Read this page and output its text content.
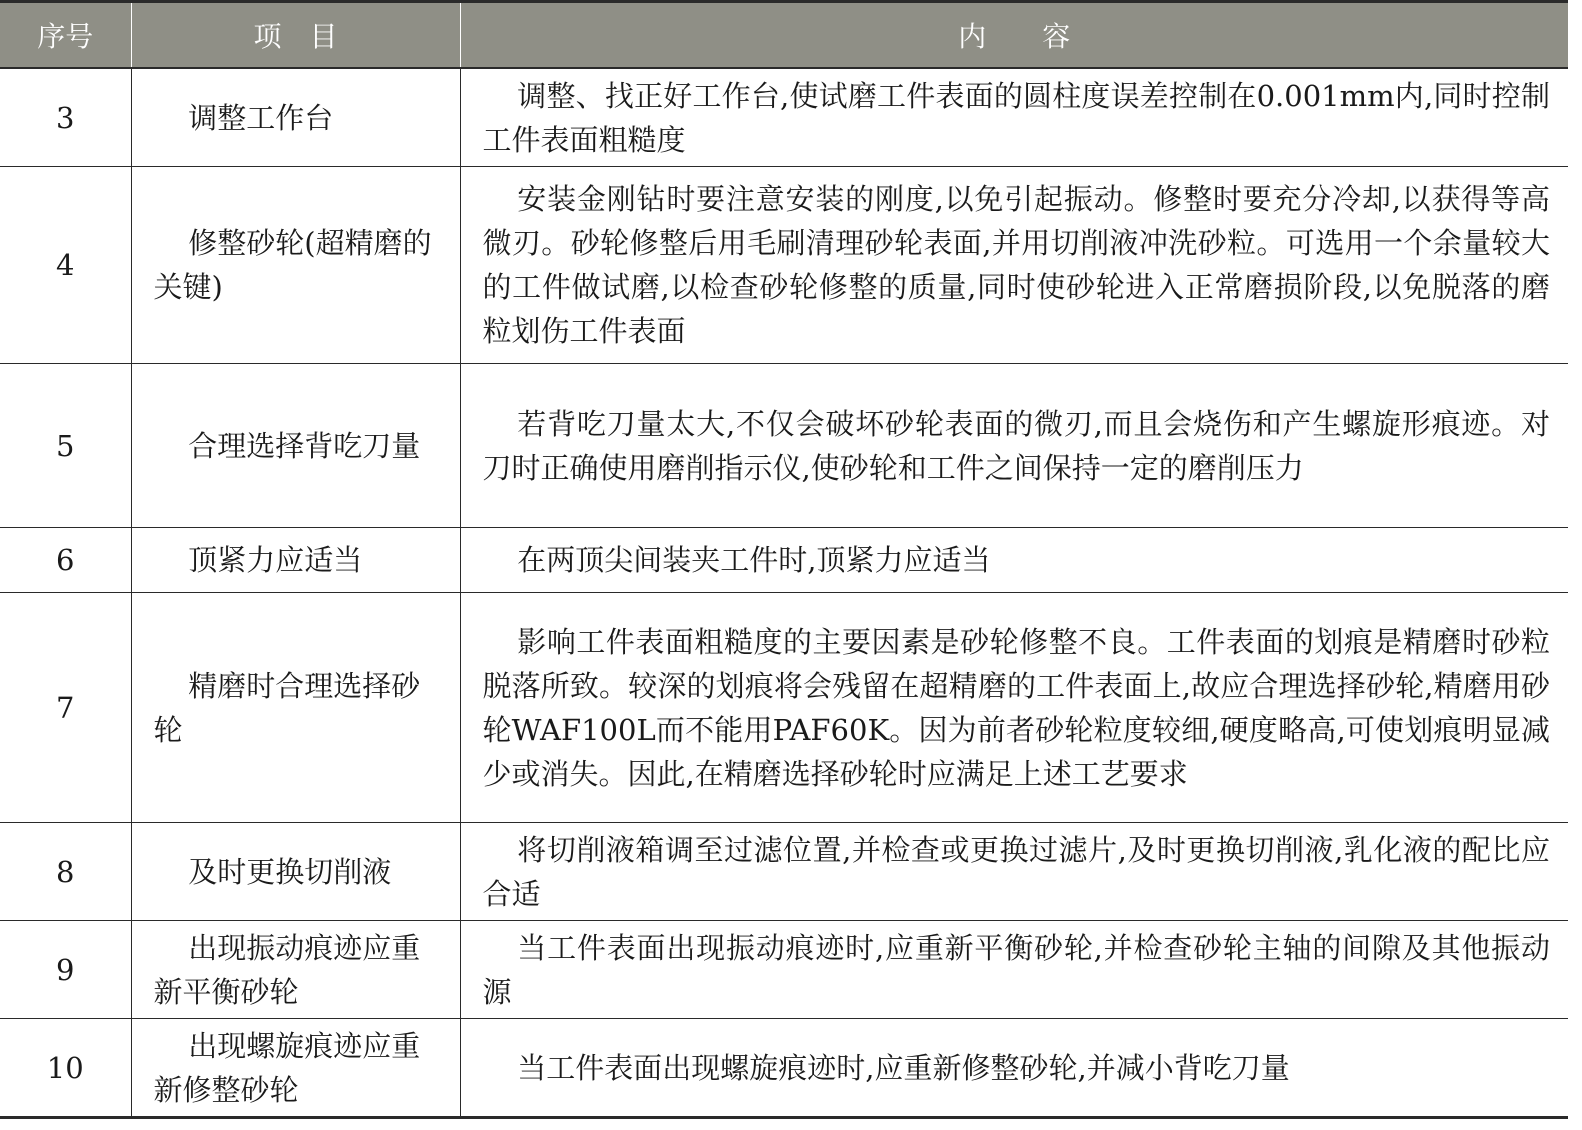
序号	项　目	内　　容
3	调整工作台	调整、找正好工作台,使试磨工件表面的圆柱度误差控制在0.001mm内,同时控制工件表面粗糙度
4	修整砂轮(超精磨的关键)	安装金刚钻时要注意安装的刚度,以免引起振动。修整时要充分冷却,以获得等高微刃。砂轮修整后用毛刷清理砂轮表面,并用切削液冲洗砂粒。可选用一个余量较大的工件做试磨,以检查砂轮修整的质量,同时使砂轮进入正常磨损阶段,以免脱落的磨粒划伤工件表面
5	合理选择背吃刀量	若背吃刀量太大,不仅会破坏砂轮表面的微刃,而且会烧伤和产生螺旋形痕迹。对刀时正确使用磨削指示仪,使砂轮和工件之间保持一定的磨削压力
6	顶紧力应适当	在两顶尖间装夹工件时,顶紧力应适当
7	精磨时合理选择砂轮	影响工件表面粗糙度的主要因素是砂轮修整不良。工件表面的划痕是精磨时砂粒脱落所致。较深的划痕将会残留在超精磨的工件表面上,故应合理选择砂轮,精磨用砂轮WAF100L而不能用PAF60K。因为前者砂轮粒度较细,硬度略高,可使划痕明显减少或消失。因此,在精磨选择砂轮时应满足上述工艺要求
8	及时更换切削液	将切削液箱调至过滤位置,并检查或更换过滤片,及时更换切削液,乳化液的配比应合适
9	出现振动痕迹应重新平衡砂轮	当工件表面出现振动痕迹时,应重新平衡砂轮,并检查砂轮主轴的间隙及其他振动源
10	出现螺旋痕迹应重新修整砂轮	当工件表面出现螺旋痕迹时,应重新修整砂轮,并减小背吃刀量
